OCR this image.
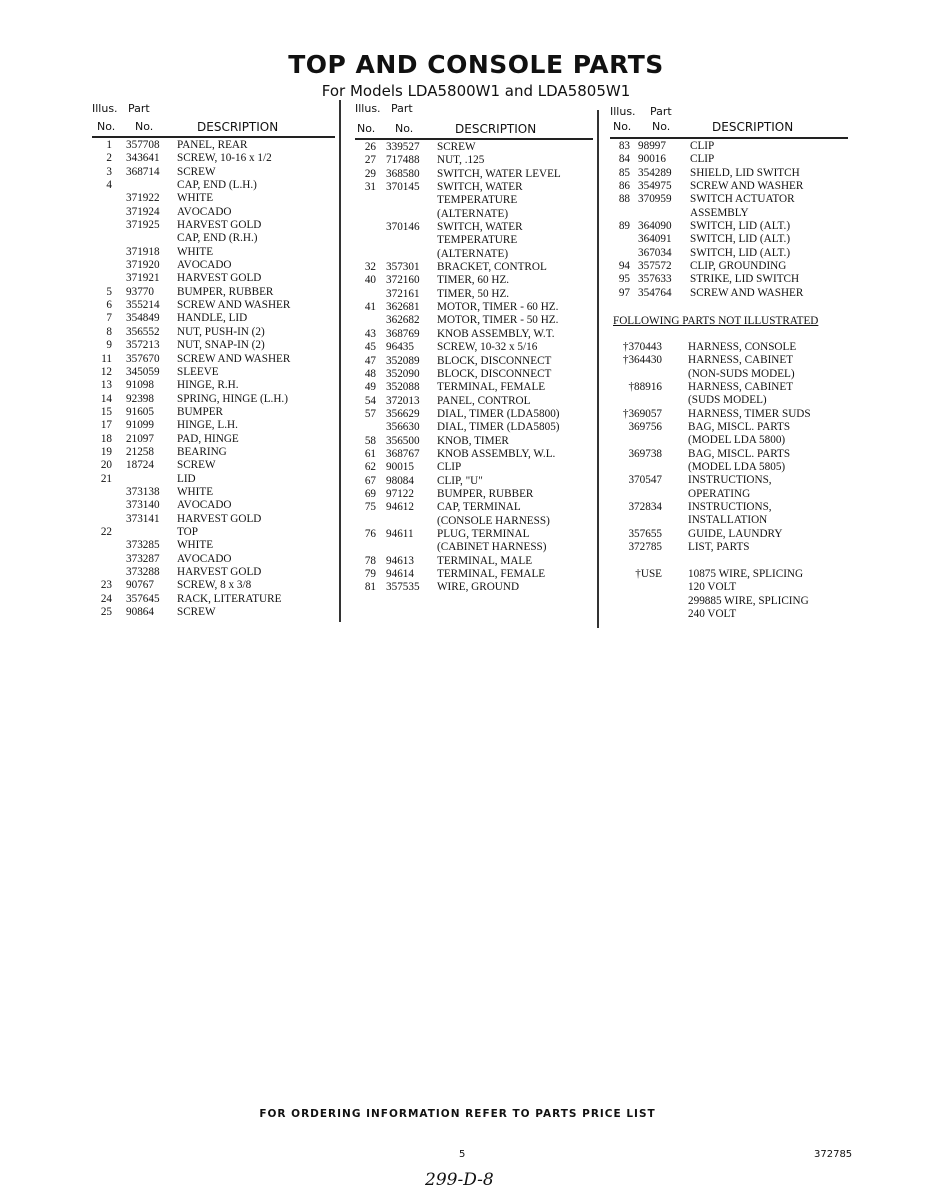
TOP AND CONSOLE PARTS
For Models LDA5800W1 and LDA5805W1
Illus. Part
No. No.	DESCRIPTION
Illus. Part
No. No.	DESCRIPTION
Illus. Part
No. No.	DESCRIPTION
1 357708 PANEL, REAR
2 343641 SCREW, 10-16 x 1/2
3 368714 SCREW
4	CAP, END (L.H.)
371922 WHITE
371924 AVOCADO
371925 HARVEST GOLD
CAP, END (R.H.)
371918 WHITE
371920 AVOCADO
371921 HARVEST GOLD
5 93770 BUMPER, RUBBER
6 355214 SCREW AND WASHER
7 354849 HANDLE, LID
8 356552 NUT, PUSH-IN (2)
9 357213 NUT, SNAP-IN (2)
11 357670 SCREW AND WASHER
12 345059 SLEEVE
13 91098 HINGE, R.H.
14 92398 SPRING, HINGE (L.H.)
15 91605 BUMPER
17 91099 HINGE, L.H.
18 21097 PAD, HINGE
19 21258 BEARING
20 18724 SCREW
21	LID
373138 WHITE
373140 AVOCADO
373141 HARVEST GOLD
22	TOP
373285 WHITE
373287 AVOCADO
373288 HARVEST GOLD
23 90767 SCREW, 8 x 3/8
24 357645 RACK, LITERATURE
25 90864 SCREW
26 339527 SCREW
27 717488 NUT, .125
29 368580 SWITCH, WATER LEVEL
31 370145 SWITCH, WATER
TEMPERATURE
(ALTERNATE)
370146 SWITCH, WATER
TEMPERATURE
(ALTERNATE)
32 357301 BRACKET, CONTROL
40 372160 TIMER, 60 HZ.
372161 TIMER, 50 HZ.
41 362681 MOTOR, TIMER - 60 HZ.
362682 MOTOR, TIMER - 50 HZ.
43 368769 KNOB ASSEMBLY, W.T.
45 96435 SCREW, 10-32 x 5/16
47 352089 BLOCK, DISCONNECT
48 352090 BLOCK, DISCONNECT
49 352088 TERMINAL, FEMALE
54 372013 PANEL, CONTROL
57 356629 DIAL, TIMER (LDA5800)
356630 DIAL, TIMER (LDA5805)
58 356500 KNOB, TIMER
61 368767 KNOB ASSEMBLY, W.L.
62 90015 CLIP
67 98084 CLIP, "U"
69 97122 BUMPER, RUBBER
75 94612 CAP, TERMINAL
(CONSOLE HARNESS)
76 94611 PLUG, TERMINAL
(CABINET HARNESS)
78 94613 TERMINAL, MALE
79 94614 TERMINAL, FEMALE
81 357535 WIRE, GROUND
83 98997 CLIP
84 90016 CLIP
85 354289 SHIELD, LID SWITCH
86 354975 SCREW AND WASHER
88 370959 SWITCH ACTUATOR
ASSEMBLY
89 364090 SWITCH, LID (ALT.)
364091 SWITCH, LID (ALT.)
367034 SWITCH, LID (ALT.)
94 357572 CLIP, GROUNDING
95 357633 STRIKE, LID SWITCH
97 354764 SCREW AND WASHER
FOLLOWING PARTS NOT ILLUSTRATED
†370443 HARNESS, CONSOLE
†364430 HARNESS, CABINET
(NON-SUDS MODEL)
†88916 HARNESS, CABINET
(SUDS MODEL)
†369057 HARNESS, TIMER SUDS
369756 BAG, MISCL. PARTS
(MODEL LDA 5800)
369738 BAG, MISCL. PARTS
(MODEL LDA 5805)
370547 INSTRUCTIONS,
OPERATING
372834 INSTRUCTIONS,
INSTALLATION
357655 GUIDE, LAUNDRY
372785 LIST, PARTS
†USE 10875 WIRE, SPLICING
120 VOLT
299885 WIRE, SPLICING
240 VOLT
FOR ORDERING INFORMATION REFER TO PARTS PRICE LIST
5	372785
299-D-8
